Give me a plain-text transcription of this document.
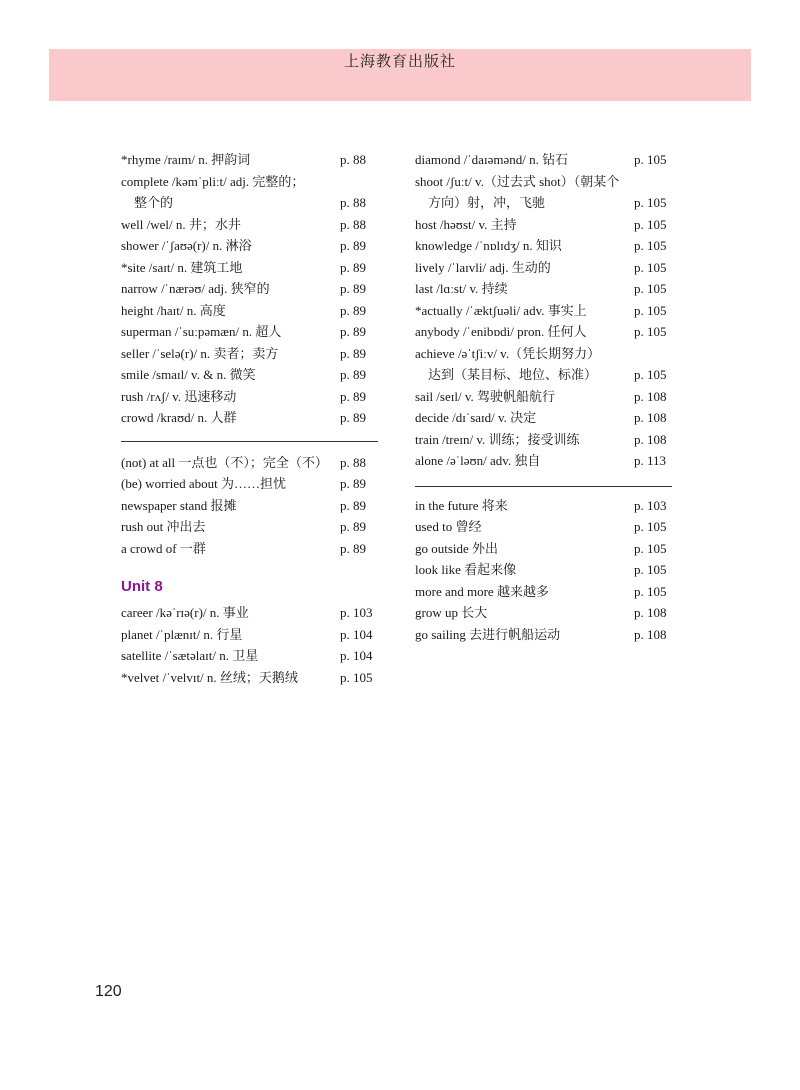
上海教育出版社
*rhyme /raɪm/ n. 押韵词	p. 88
complete /kəmˈpliːt/ adj. 完整的；
整个的	p. 88
well /wel/ n. 井；水井	p. 88
shower /ˈʃaʊə(r)/ n. 淋浴	p. 89
*site /saɪt/ n. 建筑工地	p. 89
narrow /ˈnærəʊ/ adj. 狭窄的	p. 89
height /haɪt/ n. 高度	p. 89
superman /ˈsuːpəmæn/ n. 超人	p. 89
seller /ˈselə(r)/ n. 卖者；卖方	p. 89
smile /smaɪl/ v. & n. 微笑	p. 89
rush /rʌʃ/ v. 迅速移动	p. 89
crowd /kraʊd/ n. 人群	p. 89
(not) at all 一点也（不）；完全（不） p. 88
(be) worried about 为……担忧	p. 89
newspaper stand 报摊	p. 89
rush out 冲出去	p. 89
a crowd of 一群	p. 89
Unit 8
career /kəˈrɪə(r)/ n. 事业	p. 103
planet /ˈplænɪt/ n. 行星	p. 104
satellite /ˈsætəlaɪt/ n. 卫星	p. 104
*velvet /ˈvelvɪt/ n. 丝绒；天鹅绒	p. 105
diamond /ˈdaɪəmənd/ n. 钻石	p. 105
shoot /ʃuːt/ v.（过去式 shot）（朝某个
方向）射，冲，飞驰	p. 105
host /həʊst/ v. 主持	p. 105
knowledge /ˈnɒlɪdʒ/ n. 知识	p. 105
lively /ˈlaɪvli/ adj. 生动的	p. 105
last /lɑːst/ v. 持续	p. 105
*actually /ˈæktʃuəli/ adv. 事实上	p. 105
anybody /ˈenibɒdi/ pron. 任何人	p. 105
achieve /əˈtʃiːv/ v.（凭长期努力）
达到（某目标、地位、标准）	p. 105
sail /seɪl/ v. 驾驶帆船航行	p. 108
decide /dɪˈsaɪd/ v. 决定	p. 108
train /treɪn/ v. 训练；接受训练	p. 108
alone /əˈləʊn/ adv. 独自	p. 113
in the future 将来	p. 103
used to 曾经	p. 105
go outside 外出	p. 105
look like 看起来像	p. 105
more and more 越来越多	p. 105
grow up 长大	p. 108
go sailing 去进行帆船运动	p. 108
120
